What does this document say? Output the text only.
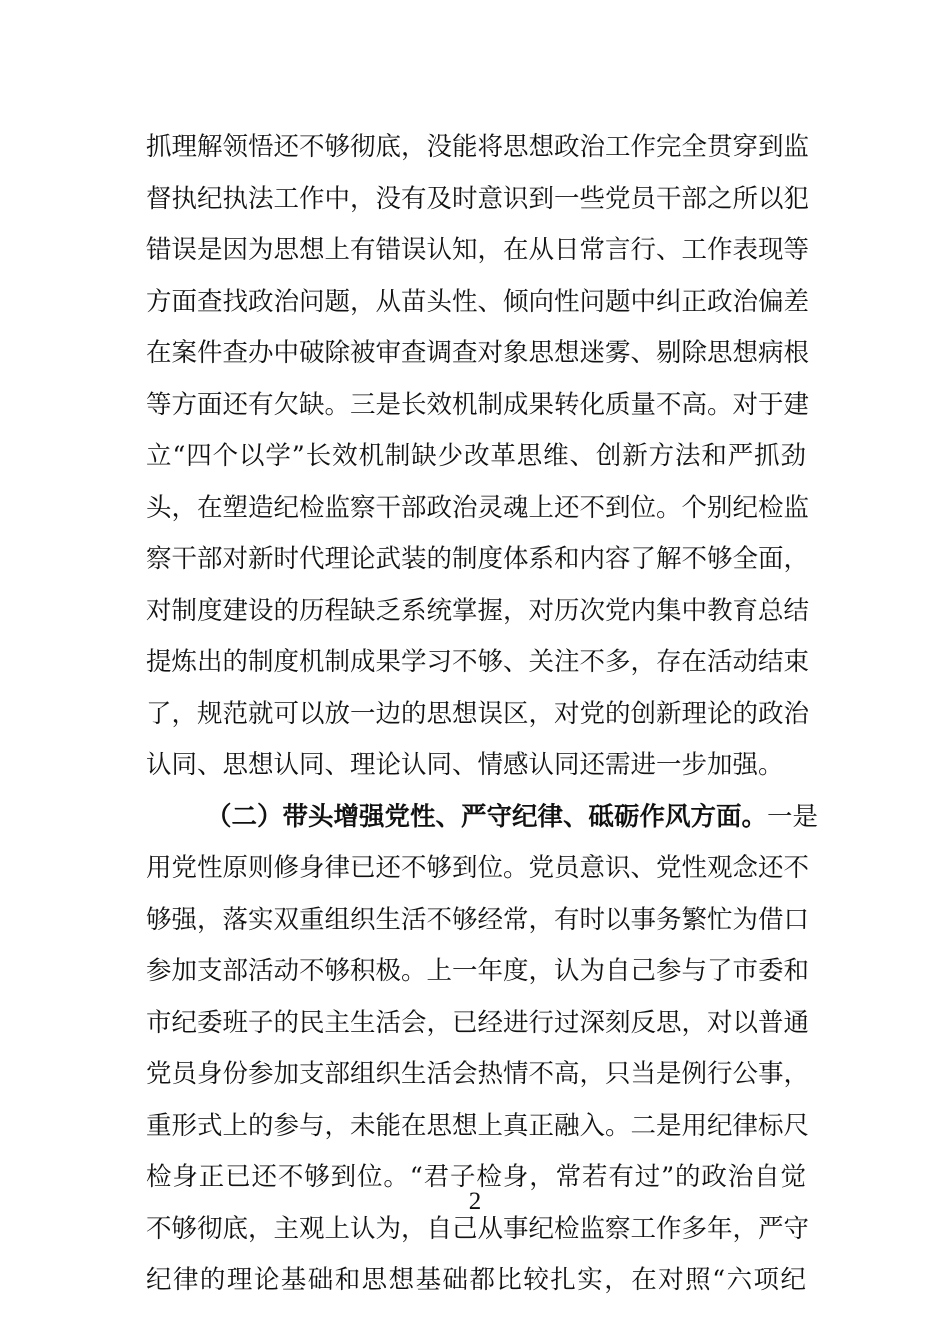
抓理解领悟还不够彻底，没能将思想政治工作完全贯穿到监
督执纪执法工作中，没有及时意识到一些党员干部之所以犯
错误是因为思想上有错误认知，在从日常言行、工作表现等
方面查找政治问题，从苗头性、倾向性问题中纠正政治偏差
在案件查办中破除被审查调查对象思想迷雾、剔除思想病根
等方面还有欠缺。三是长效机制成果转化质量不高。对于建
立“四个以学”长效机制缺少改革思维、创新方法和严抓劲
头，在塑造纪检监察干部政治灵魂上还不到位。个别纪检监
察干部对新时代理论武装的制度体系和内容了解不够全面，
对制度建设的历程缺乏系统掌握，对历次党内集中教育总结
提炼出的制度机制成果学习不够、关注不多，存在活动结束
了，规范就可以放一边的思想误区，对党的创新理论的政治
认同、思想认同、理论认同、情感认同还需进一步加强。
（二）带头增强党性、严守纪律、砥砺作风方面。一是
用党性原则修身律已还不够到位。党员意识、党性观念还不
够强，落实双重组织生活不够经常，有时以事务繁忙为借口
参加支部活动不够积极。上一年度，认为自己参与了市委和
市纪委班子的民主生活会，已经进行过深刻反思，对以普通
党员身份参加支部组织生活会热情不高，只当是例行公事，
重形式上的参与，未能在思想上真正融入。二是用纪律标尺
检身正已还不够到位。“君子检身，常若有过”的政治自觉
不够彻底，主观上认为，自己从事纪检监察工作多年，严守
纪律的理论基础和思想基础都比较扎实，在对照“六项纪
2
